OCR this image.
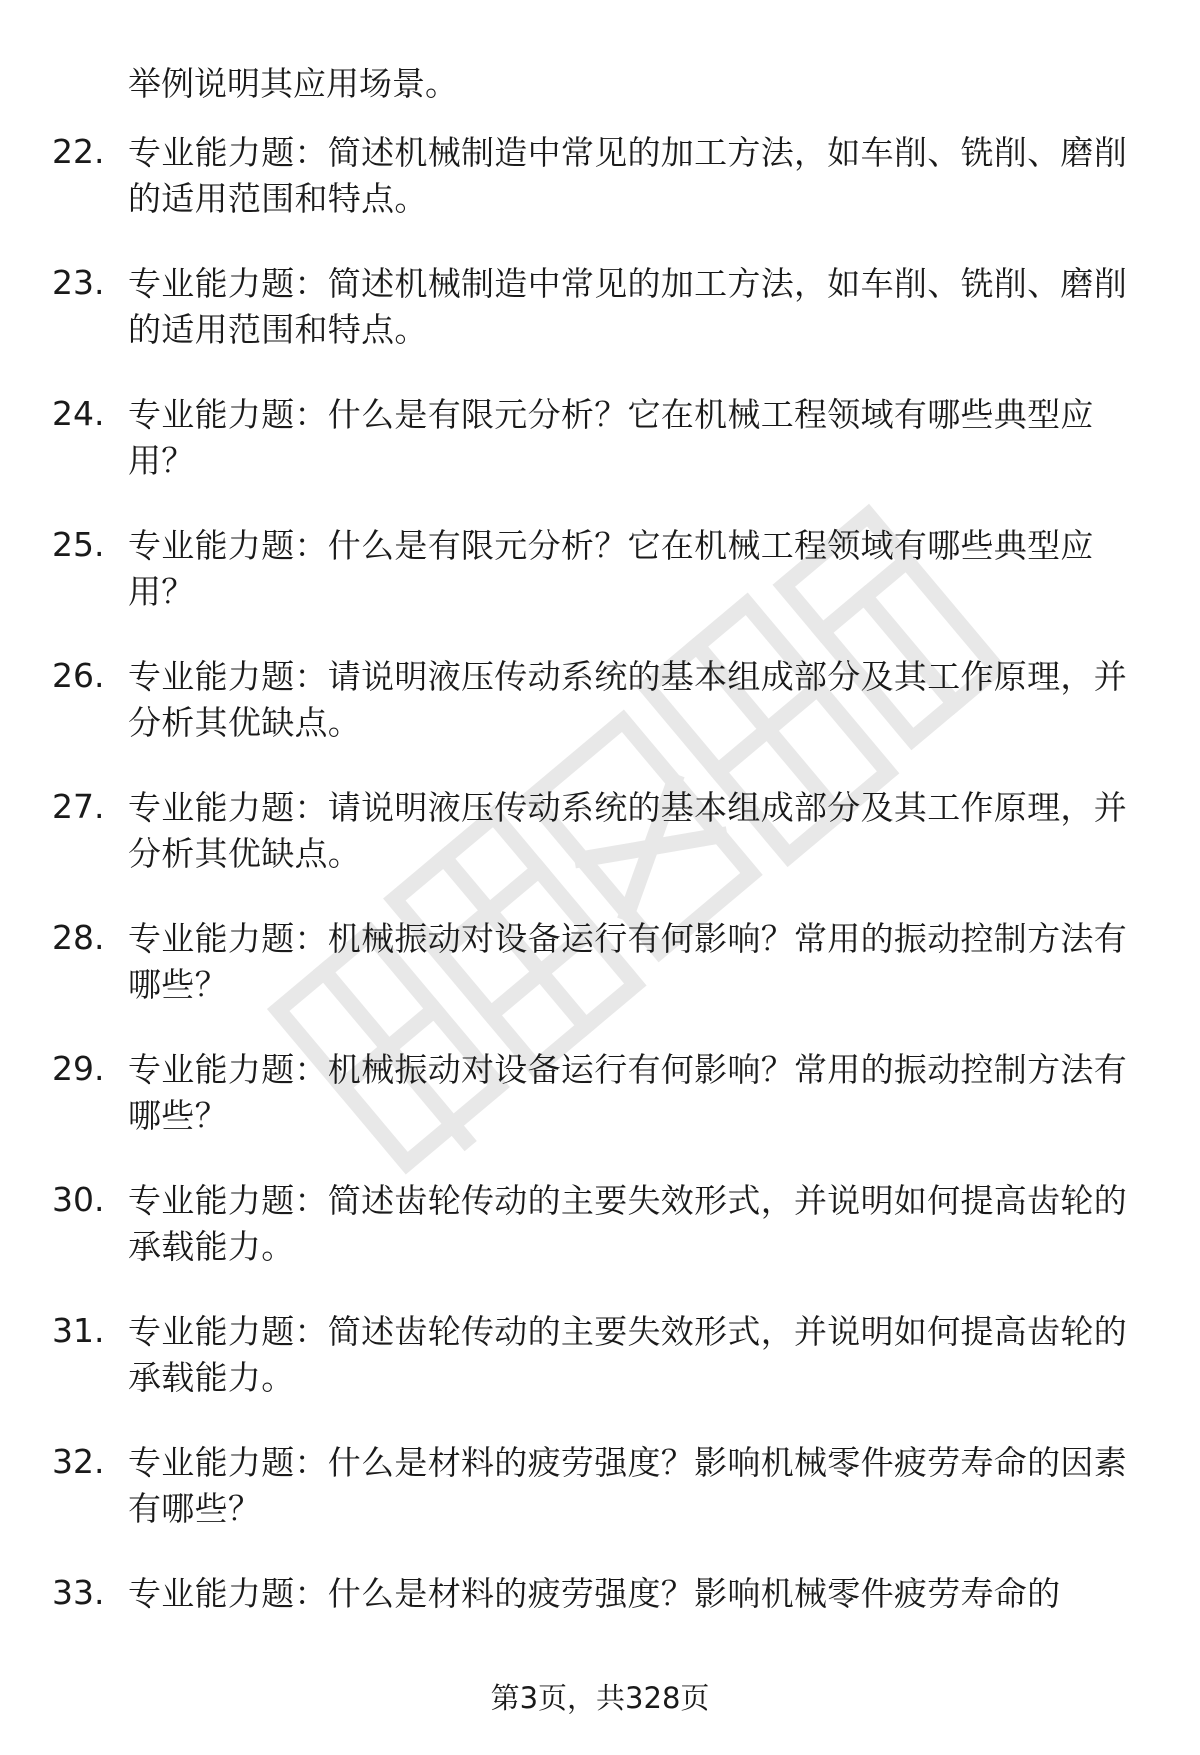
举例说明其应用场景。
22. 专业能力题：简述机械制造中常见的加工方法，如车削、铣削、磨削的适用范围和特点。
23. 专业能力题：简述机械制造中常见的加工方法，如车削、铣削、磨削的适用范围和特点。
24. 专业能力题：什么是有限元分析？它在机械工程领域有哪些典型应用？
25. 专业能力题：什么是有限元分析？它在机械工程领域有哪些典型应用？
26. 专业能力题：请说明液压传动系统的基本组成部分及其工作原理，并分析其优缺点。
27. 专业能力题：请说明液压传动系统的基本组成部分及其工作原理，并分析其优缺点。
28. 专业能力题：机械振动对设备运行有何影响？常用的振动控制方法有哪些？
29. 专业能力题：机械振动对设备运行有何影响？常用的振动控制方法有哪些？
30. 专业能力题：简述齿轮传动的主要失效形式，并说明如何提高齿轮的承载能力。
31. 专业能力题：简述齿轮传动的主要失效形式，并说明如何提高齿轮的承载能力。
32. 专业能力题：什么是材料的疲劳强度？影响机械零件疲劳寿命的因素有哪些？
33. 专业能力题：什么是材料的疲劳强度？影响机械零件疲劳寿命的
第3页，共328页
